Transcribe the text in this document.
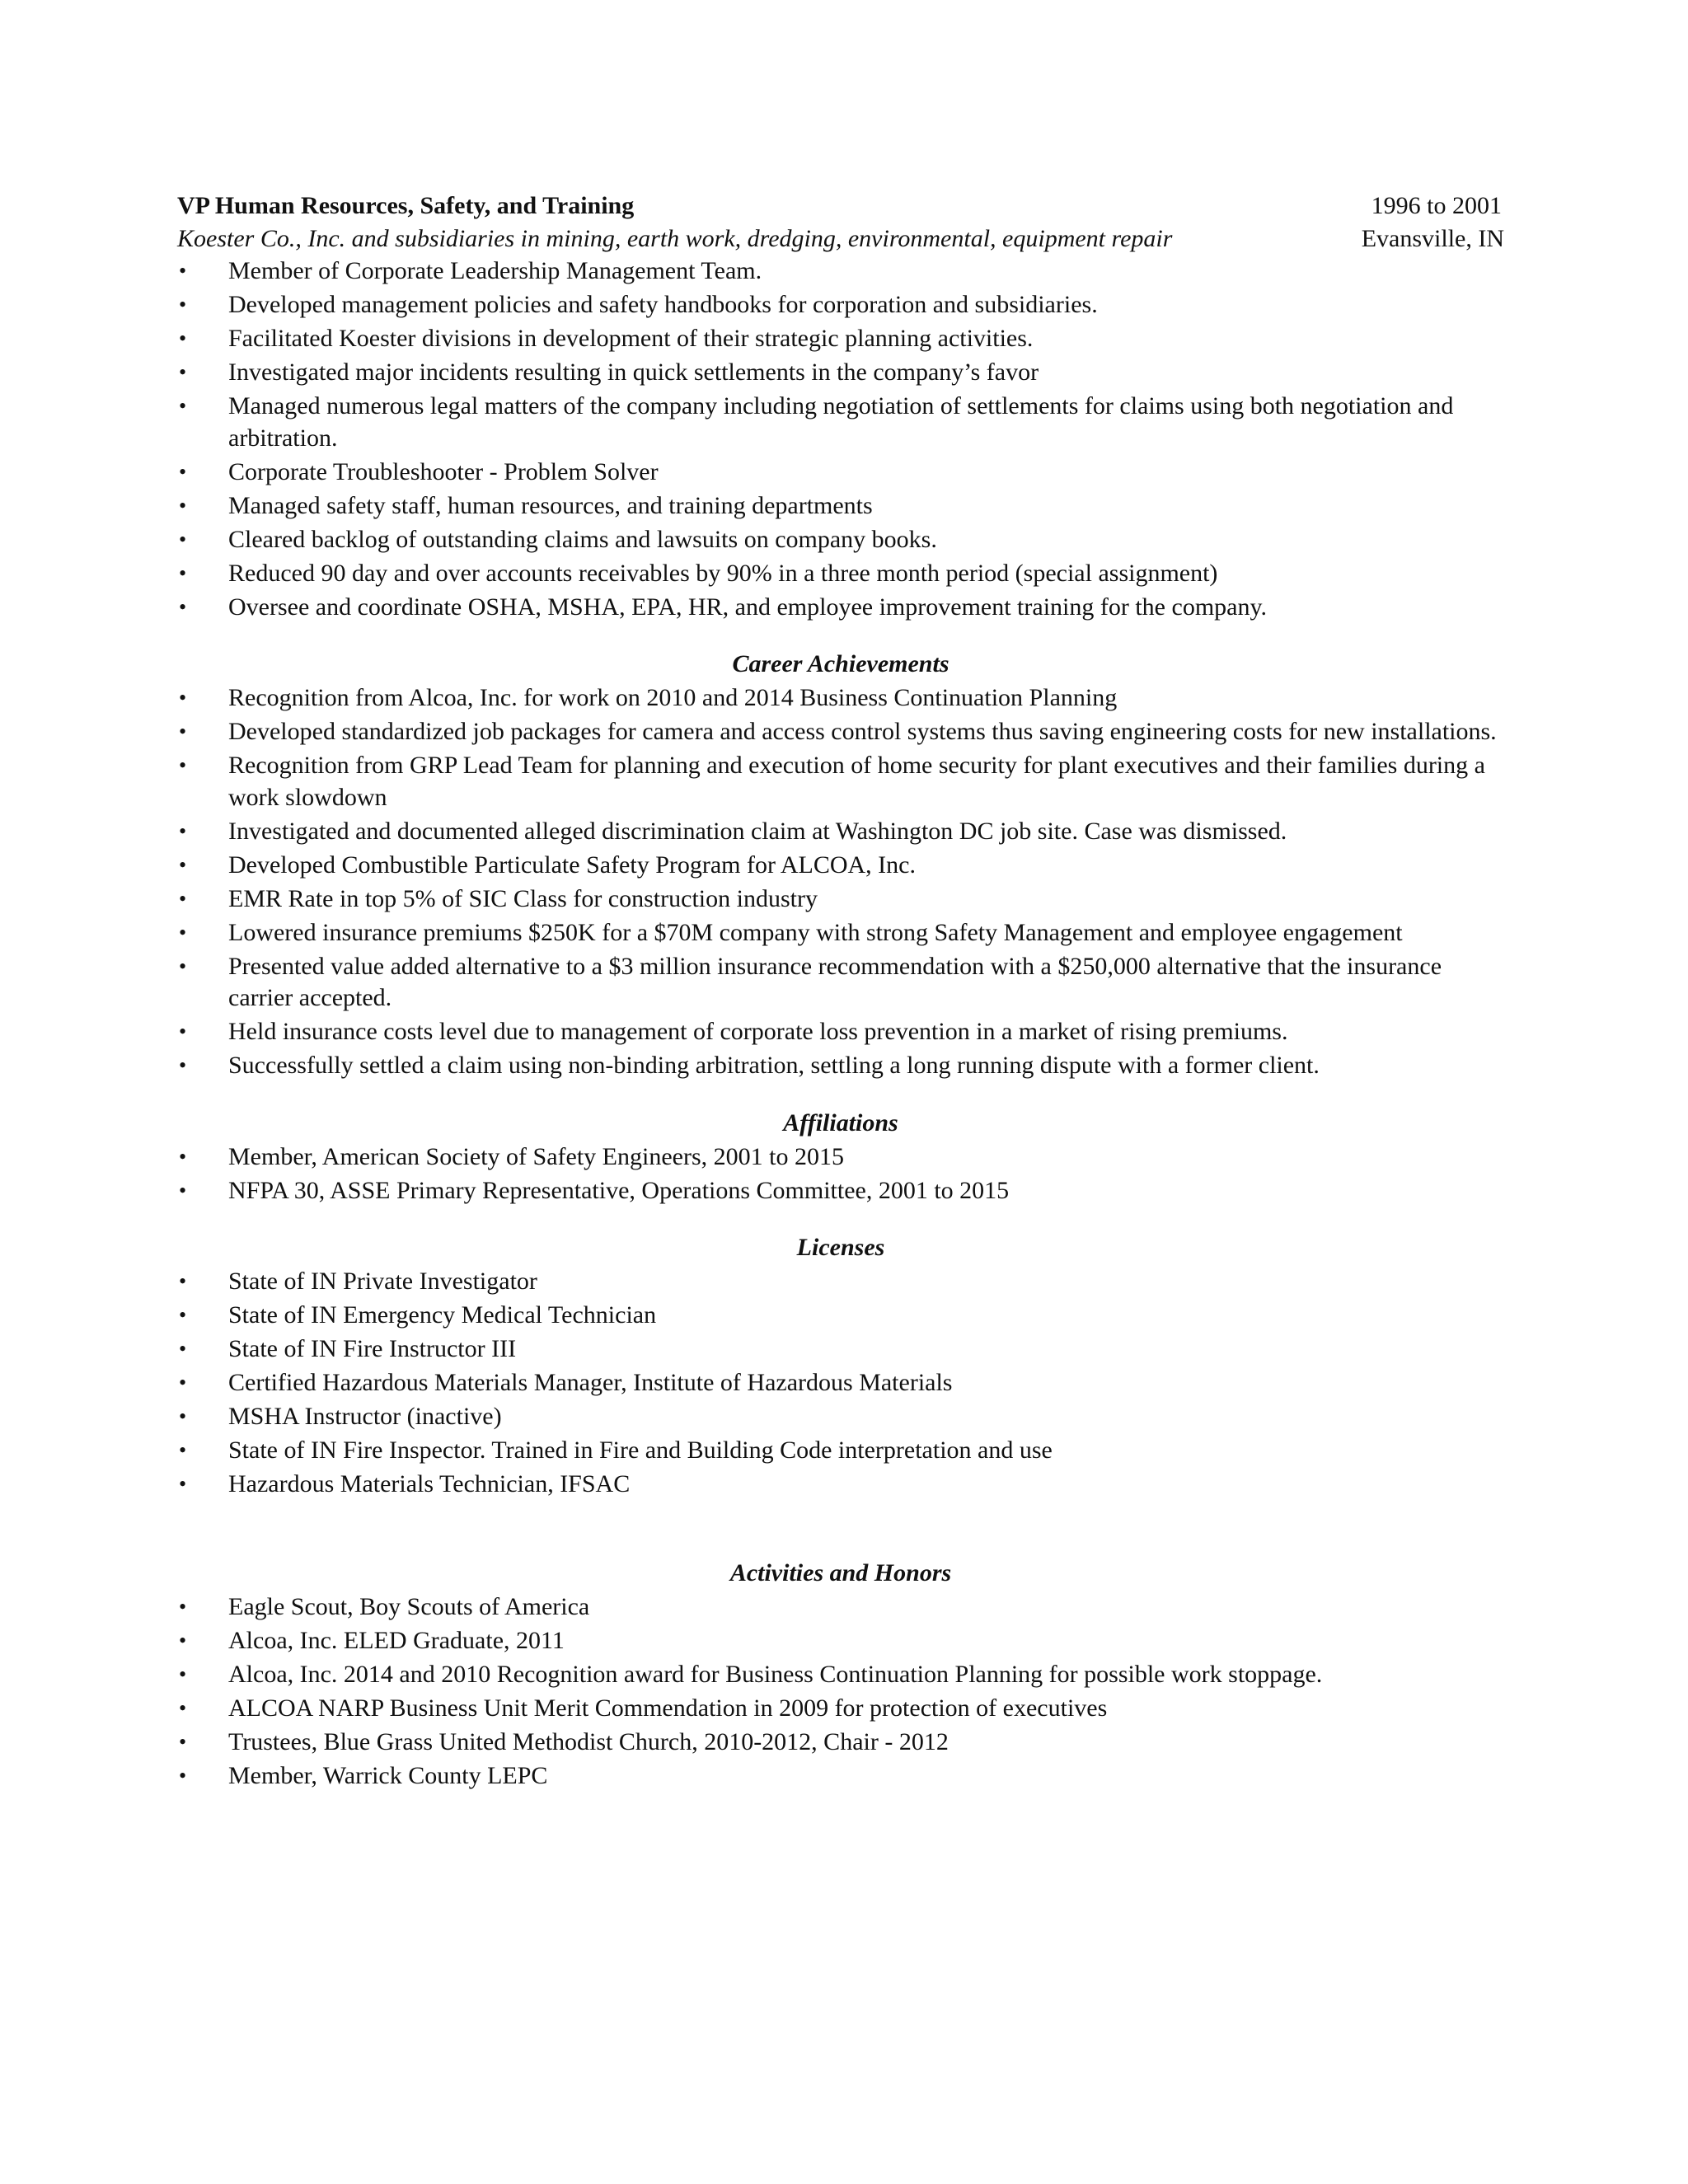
VP Human Resources, Safety, and Training	1996 to 2001
Koester Co., Inc. and subsidiaries in mining, earth work, dredging, environmental, equipment repair	Evansville, IN
•	Member of Corporate Leadership Management Team.
•	Developed management policies and safety handbooks for corporation and subsidiaries.
•	Facilitated Koester divisions in development of their strategic planning activities.
•	Investigated major incidents resulting in quick settlements in the company’s favor
•	Managed numerous legal matters of the company including negotiation of settlements for claims using both negotiation and arbitration.
•	Corporate Troubleshooter - Problem Solver
•	Managed safety staff, human resources, and training departments
•	Cleared backlog of outstanding claims and lawsuits on company books.
•	Reduced 90 day and over accounts receivables by 90% in a three month period (special assignment)
•	Oversee and coordinate OSHA, MSHA, EPA, HR, and employee improvement training for the company.
Career Achievements
•	Recognition from Alcoa, Inc. for work on 2010 and 2014 Business Continuation Planning
•	Developed standardized job packages for camera and access control systems thus saving engineering costs for new installations.
•	Recognition from GRP Lead Team for planning and execution of home security for plant executives and their families during a work slowdown
•	Investigated and documented alleged discrimination claim at Washington DC job site. Case was dismissed.
•	Developed Combustible Particulate Safety Program for ALCOA, Inc.
•	EMR Rate in top 5% of SIC Class for construction industry
•	Lowered insurance premiums $250K for a $70M company with strong Safety Management and employee engagement
•	Presented value added alternative to a $3 million insurance recommendation with a $250,000 alternative that the insurance carrier accepted.
•	Held insurance costs level due to management of corporate loss prevention in a market of rising premiums.
•	Successfully settled a claim using non-binding arbitration, settling a long running dispute with a former client.
Affiliations
•	Member, American Society of Safety Engineers, 2001 to 2015
•	NFPA 30, ASSE Primary Representative, Operations Committee, 2001 to 2015
Licenses
•	State of IN Private Investigator
•	State of IN Emergency Medical Technician
•	State of IN Fire Instructor III
•	Certified Hazardous Materials Manager, Institute of Hazardous Materials
•	MSHA Instructor (inactive)
•	State of IN Fire Inspector. Trained in Fire and Building Code interpretation and use
•	Hazardous Materials Technician, IFSAC
Activities and Honors
•	Eagle Scout, Boy Scouts of America
•	Alcoa, Inc. ELED Graduate, 2011
•	Alcoa, Inc. 2014 and 2010 Recognition award for Business Continuation Planning for possible work stoppage.
•	ALCOA NARP Business Unit Merit Commendation in 2009 for protection of executives
•	Trustees, Blue Grass United Methodist Church, 2010-2012, Chair - 2012
•	Member, Warrick County LEPC
